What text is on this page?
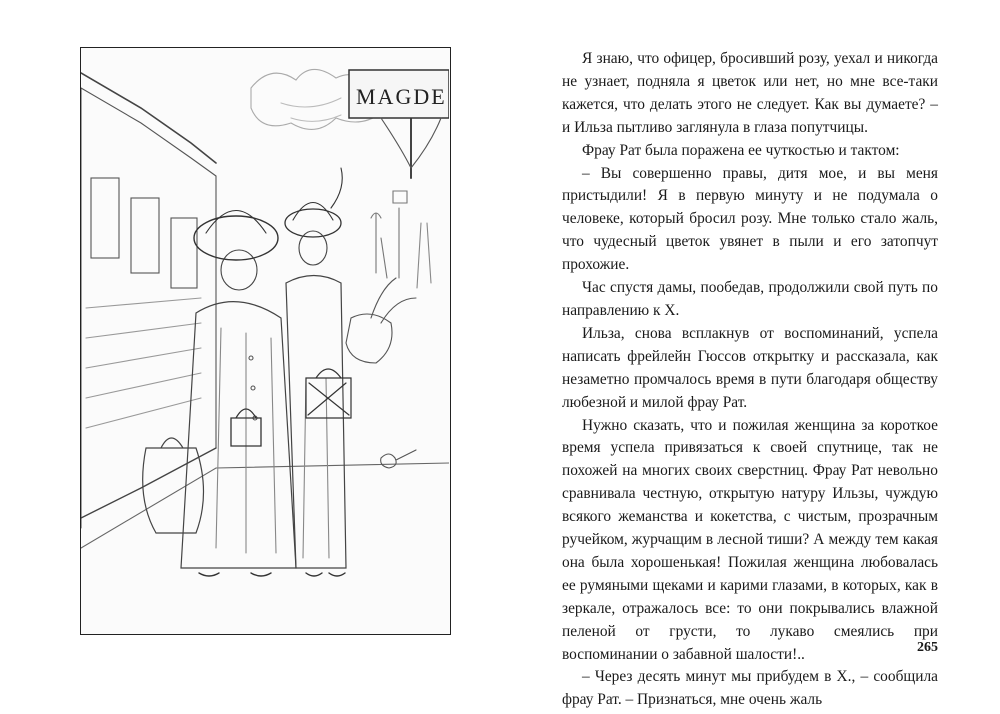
MAGDE

Я знаю, что офицер, бросивший розу, уехал и никогда не узнает, подняла я цветок или нет, но мне все-таки кажется, что делать этого не следует. Как вы думаете? – и Ильза пытливо заглянула в глаза попутчицы.

Фрау Рат была поражена ее чуткостью и тактом:

– Вы совершенно правы, дитя мое, и вы меня пристыдили! Я в первую минуту и не подумала о человеке, который бросил розу. Мне только стало жаль, что чудесный цветок увянет в пыли и его затопчут прохожие.

Час спустя дамы, пообедав, продолжили свой путь по направлению к Х.

Ильза, снова всплакнув от воспоминаний, успела написать фрейлейн Гюссов открытку и рассказала, как незаметно промчалось время в пути благодаря обществу любезной и милой фрау Рат.

Нужно сказать, что и пожилая женщина за короткое время успела привязаться к своей спутнице, так не похожей на многих своих сверстниц. Фрау Рат невольно сравнивала честную, открытую натуру Ильзы, чуждую всякого жеманства и кокетства, с чистым, прозрачным ручейком, журчащим в лесной тиши? А между тем какая она была хорошенькая! Пожилая женщина любовалась ее румяными щеками и карими глазами, в которых, как в зеркале, отражалось все: то они покрывались влажной пеленой от грусти, то лукаво смеялись при воспоминании о забавной шалости!..

– Через десять минут мы прибудем в Х., – сообщила фрау Рат. – Признаться, мне очень жаль

265
